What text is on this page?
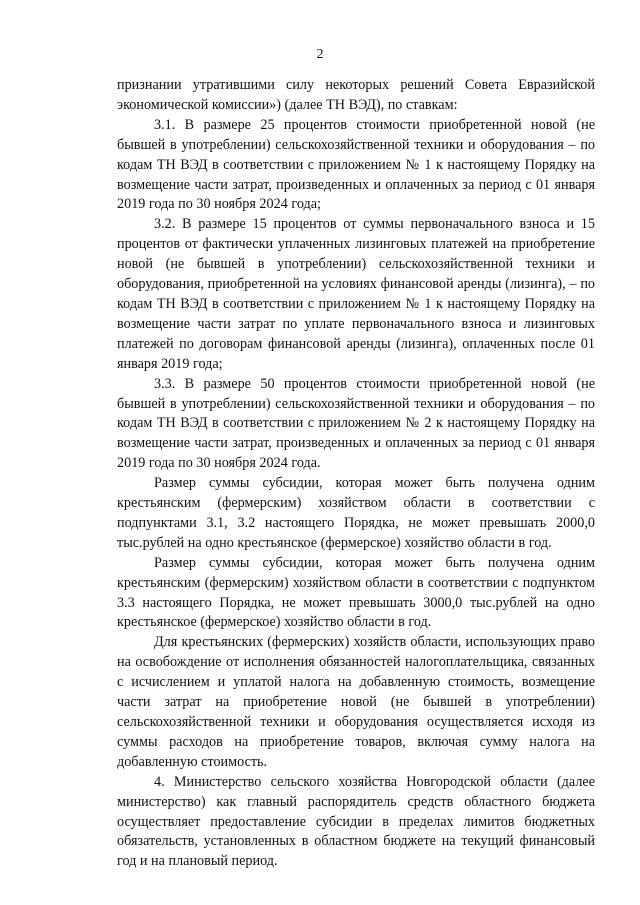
2

признании утратившими силу некоторых решений Совета Евразийской экономической комиссии») (далее ТН ВЭД), по ставкам:

3.1. В размере 25 процентов стоимости приобретенной новой (не бывшей в употреблении) сельскохозяйственной техники и оборудования – по кодам ТН ВЭД в соответствии с приложением № 1 к настоящему Порядку на возмещение части затрат, произведенных и оплаченных за период с 01 января 2019 года по 30 ноября 2024 года;

3.2. В размере 15 процентов от суммы первоначального взноса и 15 процентов от фактически уплаченных лизинговых платежей на приобретение новой (не бывшей в употреблении) сельскохозяйственной техники и оборудования, приобретенной на условиях финансовой аренды (лизинга), – по кодам ТН ВЭД в соответствии с приложением № 1 к настоящему Порядку на возмещение части затрат по уплате первоначального взноса и лизинговых платежей по договорам финансовой аренды (лизинга), оплаченных после 01 января 2019 года;

3.3. В размере 50 процентов стоимости приобретенной новой (не бывшей в употреблении) сельскохозяйственной техники и оборудования – по кодам ТН ВЭД в соответствии с приложением № 2 к настоящему Порядку на возмещение части затрат, произведенных и оплаченных за период с 01 января 2019 года по 30 ноября 2024 года.

Размер суммы субсидии, которая может быть получена одним крестьянским (фермерским) хозяйством области в соответствии с подпунктами 3.1, 3.2 настоящего Порядка, не может превышать 2000,0 тыс.рублей на одно крестьянское (фермерское) хозяйство области в год.

Размер суммы субсидии, которая может быть получена одним крестьянским (фермерским) хозяйством области в соответствии с подпунктом 3.3 настоящего Порядка, не может превышать 3000,0 тыс.рублей на одно крестьянское (фермерское) хозяйство области в год.

Для крестьянских (фермерских) хозяйств области, использующих право на освобождение от исполнения обязанностей налогоплательщика, связанных с исчислением и уплатой налога на добавленную стоимость, возмещение части затрат на приобретение новой (не бывшей в употреблении) сельскохозяйственной техники и оборудования осуществляется исходя из суммы расходов на приобретение товаров, включая сумму налога на добавленную стоимость.

4. Министерство сельского хозяйства Новгородской области (далее министерство) как главный распорядитель средств областного бюджета осуществляет предоставление субсидии в пределах лимитов бюджетных обязательств, установленных в областном бюджете на текущий финансовый год и на плановый период.
